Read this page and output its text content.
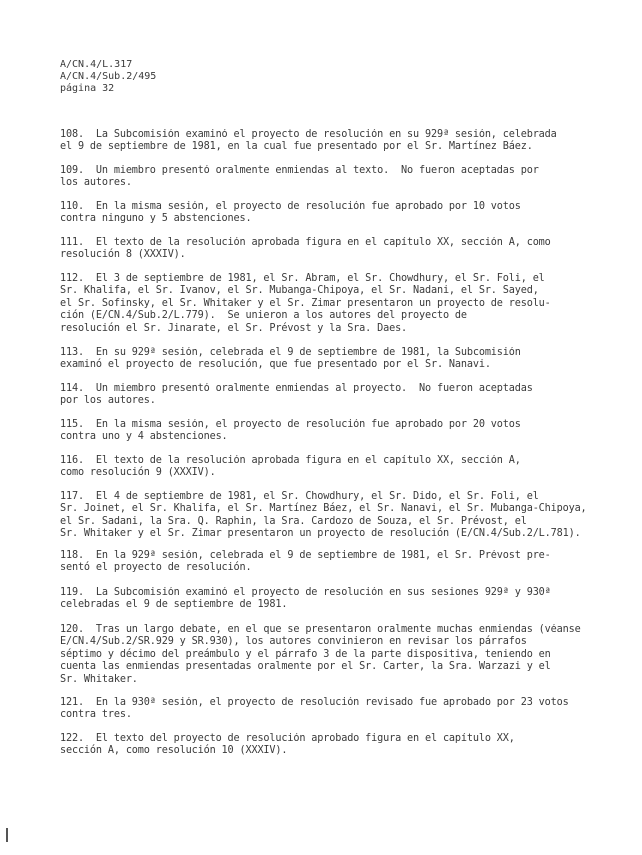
A/CN.4/L.317
A/CN.4/Sub.2/495
página 32
108.  La Subcomisión examinó el proyecto de resolución en su 929ª sesión, celebrada
el 9 de septiembre de 1981, en la cual fue presentado por el Sr. Martínez Báez.
109.  Un miembro presentó oralmente enmiendas al texto.  No fueron aceptadas por
los autores.
110.  En la misma sesión, el proyecto de resolución fue aprobado por 10 votos
contra ninguno y 5 abstenciones.
111.  El texto de la resolución aprobada figura en el capítulo XX, sección A, como
resolución 8 (XXXIV).
112.  El 3 de septiembre de 1981, el Sr. Abram, el Sr. Chowdhury, el Sr. Foli, el
Sr. Khalifa, el Sr. Ivanov, el Sr. Mubanga-Chipoya, el Sr. Nadani, el Sr. Sayed,
el Sr. Sofinsky, el Sr. Whitaker y el Sr. Zimar presentaron un proyecto de resolu-
ción (E/CN.4/Sub.2/L.779).  Se unieron a los autores del proyecto de
resolución el Sr. Jinarate, el Sr. Prévost y la Sra. Daes.
113.  En su 929ª sesión, celebrada el 9 de septiembre de 1981, la Subcomisión
examinó el proyecto de resolución, que fue presentado por el Sr. Nanavi.
114.  Un miembro presentó oralmente enmiendas al proyecto.  No fueron aceptadas
por los autores.
115.  En la misma sesión, el proyecto de resolución fue aprobado por 20 votos
contra uno y 4 abstenciones.
116.  El texto de la resolución aprobada figura en el capítulo XX, sección A,
como resolución 9 (XXXIV).
117.  El 4 de septiembre de 1981, el Sr. Chowdhury, el Sr. Dido, el Sr. Foli, el
Sr. Joinet, el Sr. Khalifa, el Sr. Martínez Báez, el Sr. Nanavi, el Sr. Mubanga-Chipoya,
el Sr. Sadani, la Sra. Q. Raphin, la Sra. Cardozo de Souza, el Sr. Prévost, el
Sr. Whitaker y el Sr. Zimar presentaron un proyecto de resolución (E/CN.4/Sub.2/L.781).
118.  En la 929ª sesión, celebrada el 9 de septiembre de 1981, el Sr. Prévost pre-
sentó el proyecto de resolución.
119.  La Subcomisión examinó el proyecto de resolución en sus sesiones 929ª y 930ª
celebradas el 9 de septiembre de 1981.
120.  Tras un largo debate, en el que se presentaron oralmente muchas enmiendas (véanse
E/CN.4/Sub.2/SR.929 y SR.930), los autores convinieron en revisar los párrafos
séptimo y décimo del preámbulo y el párrafo 3 de la parte dispositiva, teniendo en
cuenta las enmiendas presentadas oralmente por el Sr. Carter, la Sra. Warzazi y el
Sr. Whitaker.
121.  En la 930ª sesión, el proyecto de resolución revisado fue aprobado por 23 votos
contra tres.
122.  El texto del proyecto de resolución aprobado figura en el capítulo XX,
sección A, como resolución 10 (XXXIV).
